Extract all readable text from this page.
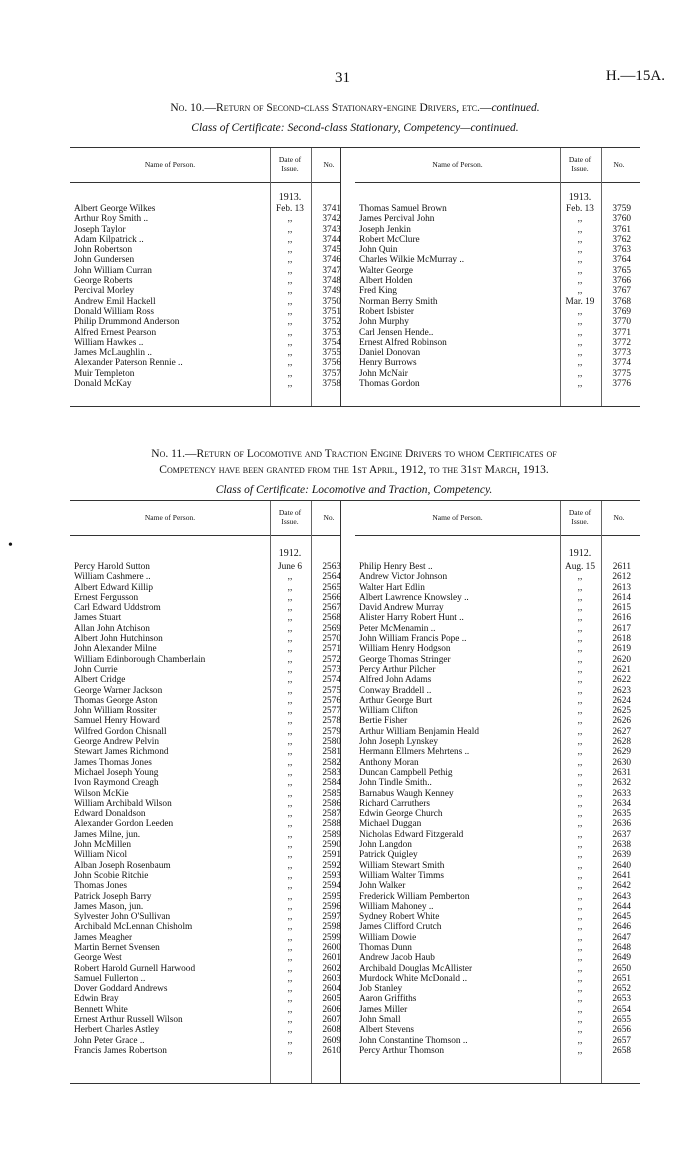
31	H.—15A.
No. 10.—Return of Second-class Stationary-engine Drivers, etc.—continued.
Class of Certificate: Second-class Stationary, Competency—continued.
Name of Person.
Date of Issue.	No.
1913.
Albert George Wilkes	Feb. 13	3741
Arthur Roy Smith ..	,,	3742
Joseph Taylor	,,	3743
Adam Kilpatrick ..	,,	3744
John Robertson	,,	3745
John Gundersen	,,	3746
John William Curran	,,	3747
George Roberts	,,	3748
Percival Morley	,,	3749
Andrew Emil Hackell	,,	3750
Donald William Ross	,,	3751
Philip Drummond Anderson	,,	3752
Alfred Ernest Pearson	,,	3753
William Hawkes ..	,,	3754
James McLaughlin ..	,,	3755
Alexander Paterson Rennie ..	,,	3756
Muir Templeton	,,	3757
Donald McKay	,,	3758
Name of Person.
Date of Issue.	No.
1913.
Thomas Samuel Brown	Feb. 13	3759
James Percival John	,,	3760
Joseph Jenkin	,,	3761
Robert McClure	,,	3762
John Quin	,,	3763
Charles Wilkie McMurray ..	,,	3764
Walter George	,,	3765
Albert Holden	,,	3766
Fred King	,,	3767
Norman Berry Smith	Mar. 19	3768
Robert Isbister	,,	3769
John Murphy	,,	3770
Carl Jensen Hende..	,,	3771
Ernest Alfred Robinson	,,	3772
Daniel Donovan	,,	3773
Henry Burrows	,,	3774
John McNair	,,	3775
Thomas Gordon	,,	3776
No. 11.—Return of Locomotive and Traction Engine Drivers to whom Certificates of
Competency have been granted from the 1st April, 1912, to the 31st March, 1913.
Class of Certificate: Locomotive and Traction, Competency.
Name of Person.
Date of Issue.	No.
1912.
Percy Harold Sutton	June 6	2563
William Cashmere ..	,,	2564
Albert Edward Killip	,,	2565
Ernest Fergusson	,,	2566
Carl Edward Uddstrom	,,	2567
James Stuart	,,	2568
Allan John Atchison	,,	2569
Albert John Hutchinson	,,	2570
John Alexander Milne	,,	2571
William Edinborough Chamberlain	,,	2572
John Currie	,,	2573
Albert Cridge	,,	2574
George Warner Jackson	,,	2575
Thomas George Aston	,,	2576
John William Rossiter	,,	2577
Samuel Henry Howard	,,	2578
Wilfred Gordon Chisnall	,,	2579
George Andrew Pelvin	,,	2580
Stewart James Richmond	,,	2581
James Thomas Jones	,,	2582
Michael Joseph Young	,,	2583
Ivon Raymond Creagh	,,	2584
Wilson McKie	,,	2585
William Archibald Wilson	,,	2586
Edward Donaldson	,,	2587
Alexander Gordon Leeden	,,	2588
James Milne, jun.	,,	2589
John McMillen	,,	2590
William Nicol	,,	2591
Alban Joseph Rosenbaum	,,	2592
John Scobie Ritchie	,,	2593
Thomas Jones	,,	2594
Patrick Joseph Barry	,,	2595
James Mason, jun.	,,	2596
Sylvester John O'Sullivan	,,	2597
Archibald McLennan Chisholm	,,	2598
James Meagher	,,	2599
Martin Bernet Svensen	,,	2600
George West	,,	2601
Robert Harold Gurnell Harwood	,,	2602
Samuel Fullerton ..	,,	2603
Dover Goddard Andrews	,,	2604
Edwin Bray	,,	2605
Bennett White	,,	2606
Ernest Arthur Russell Wilson	,,	2607
Herbert Charles Astley	,,	2608
John Peter Grace ..	,,	2609
Francis James Robertson	,,	2610
Name of Person.
Date of Issue.	No.
1912.
Philip Henry Best ..	Aug. 15	2611
Andrew Victor Johnson	,,	2612
Walter Hart Edlin	,,	2613
Albert Lawrence Knowsley ..	,,	2614
David Andrew Murray	,,	2615
Alister Harry Robert Hunt ..	,,	2616
Peter McMenamin ..	,,	2617
John William Francis Pope ..	,,	2618
William Henry Hodgson	,,	2619
George Thomas Stringer	,,	2620
Percy Arthur Pilcher	,,	2621
Alfred John Adams	,,	2622
Conway Braddell ..	,,	2623
Arthur George Burt	,,	2624
William Clifton	,,	2625
Bertie Fisher	,,	2626
Arthur William Benjamin Heald	,,	2627
John Joseph Lynskey	,,	2628
Hermann Ellmers Mehrtens ..	,,	2629
Anthony Moran	,,	2630
Duncan Campbell Pethig	,,	2631
John Tindle Smith..	,,	2632
Barnabus Waugh Kenney	,,	2633
Richard Carruthers	,,	2634
Edwin George Church	,,	2635
Michael Duggan	,,	2636
Nicholas Edward Fitzgerald	,,	2637
John Langdon	,,	2638
Patrick Quigley	,,	2639
William Stewart Smith	,,	2640
William Walter Timms	,,	2641
John Walker	,,	2642
Frederick William Pemberton	,,	2643
William Mahoney ..	,,	2644
Sydney Robert White	,,	2645
James Clifford Crutch	,,	2646
William Dowie	,,	2647
Thomas Dunn	,,	2648
Andrew Jacob Haub	,,	2649
Archibald Douglas McAllister	,,	2650
Murdock White McDonald ..	,,	2651
Job Stanley	,,	2652
Aaron Griffiths	,,	2653
James Miller	,,	2654
John Small	,,	2655
Albert Stevens	,,	2656
John Constantine Thomson ..	,,	2657
Percy Arthur Thomson	,,	2658
•
